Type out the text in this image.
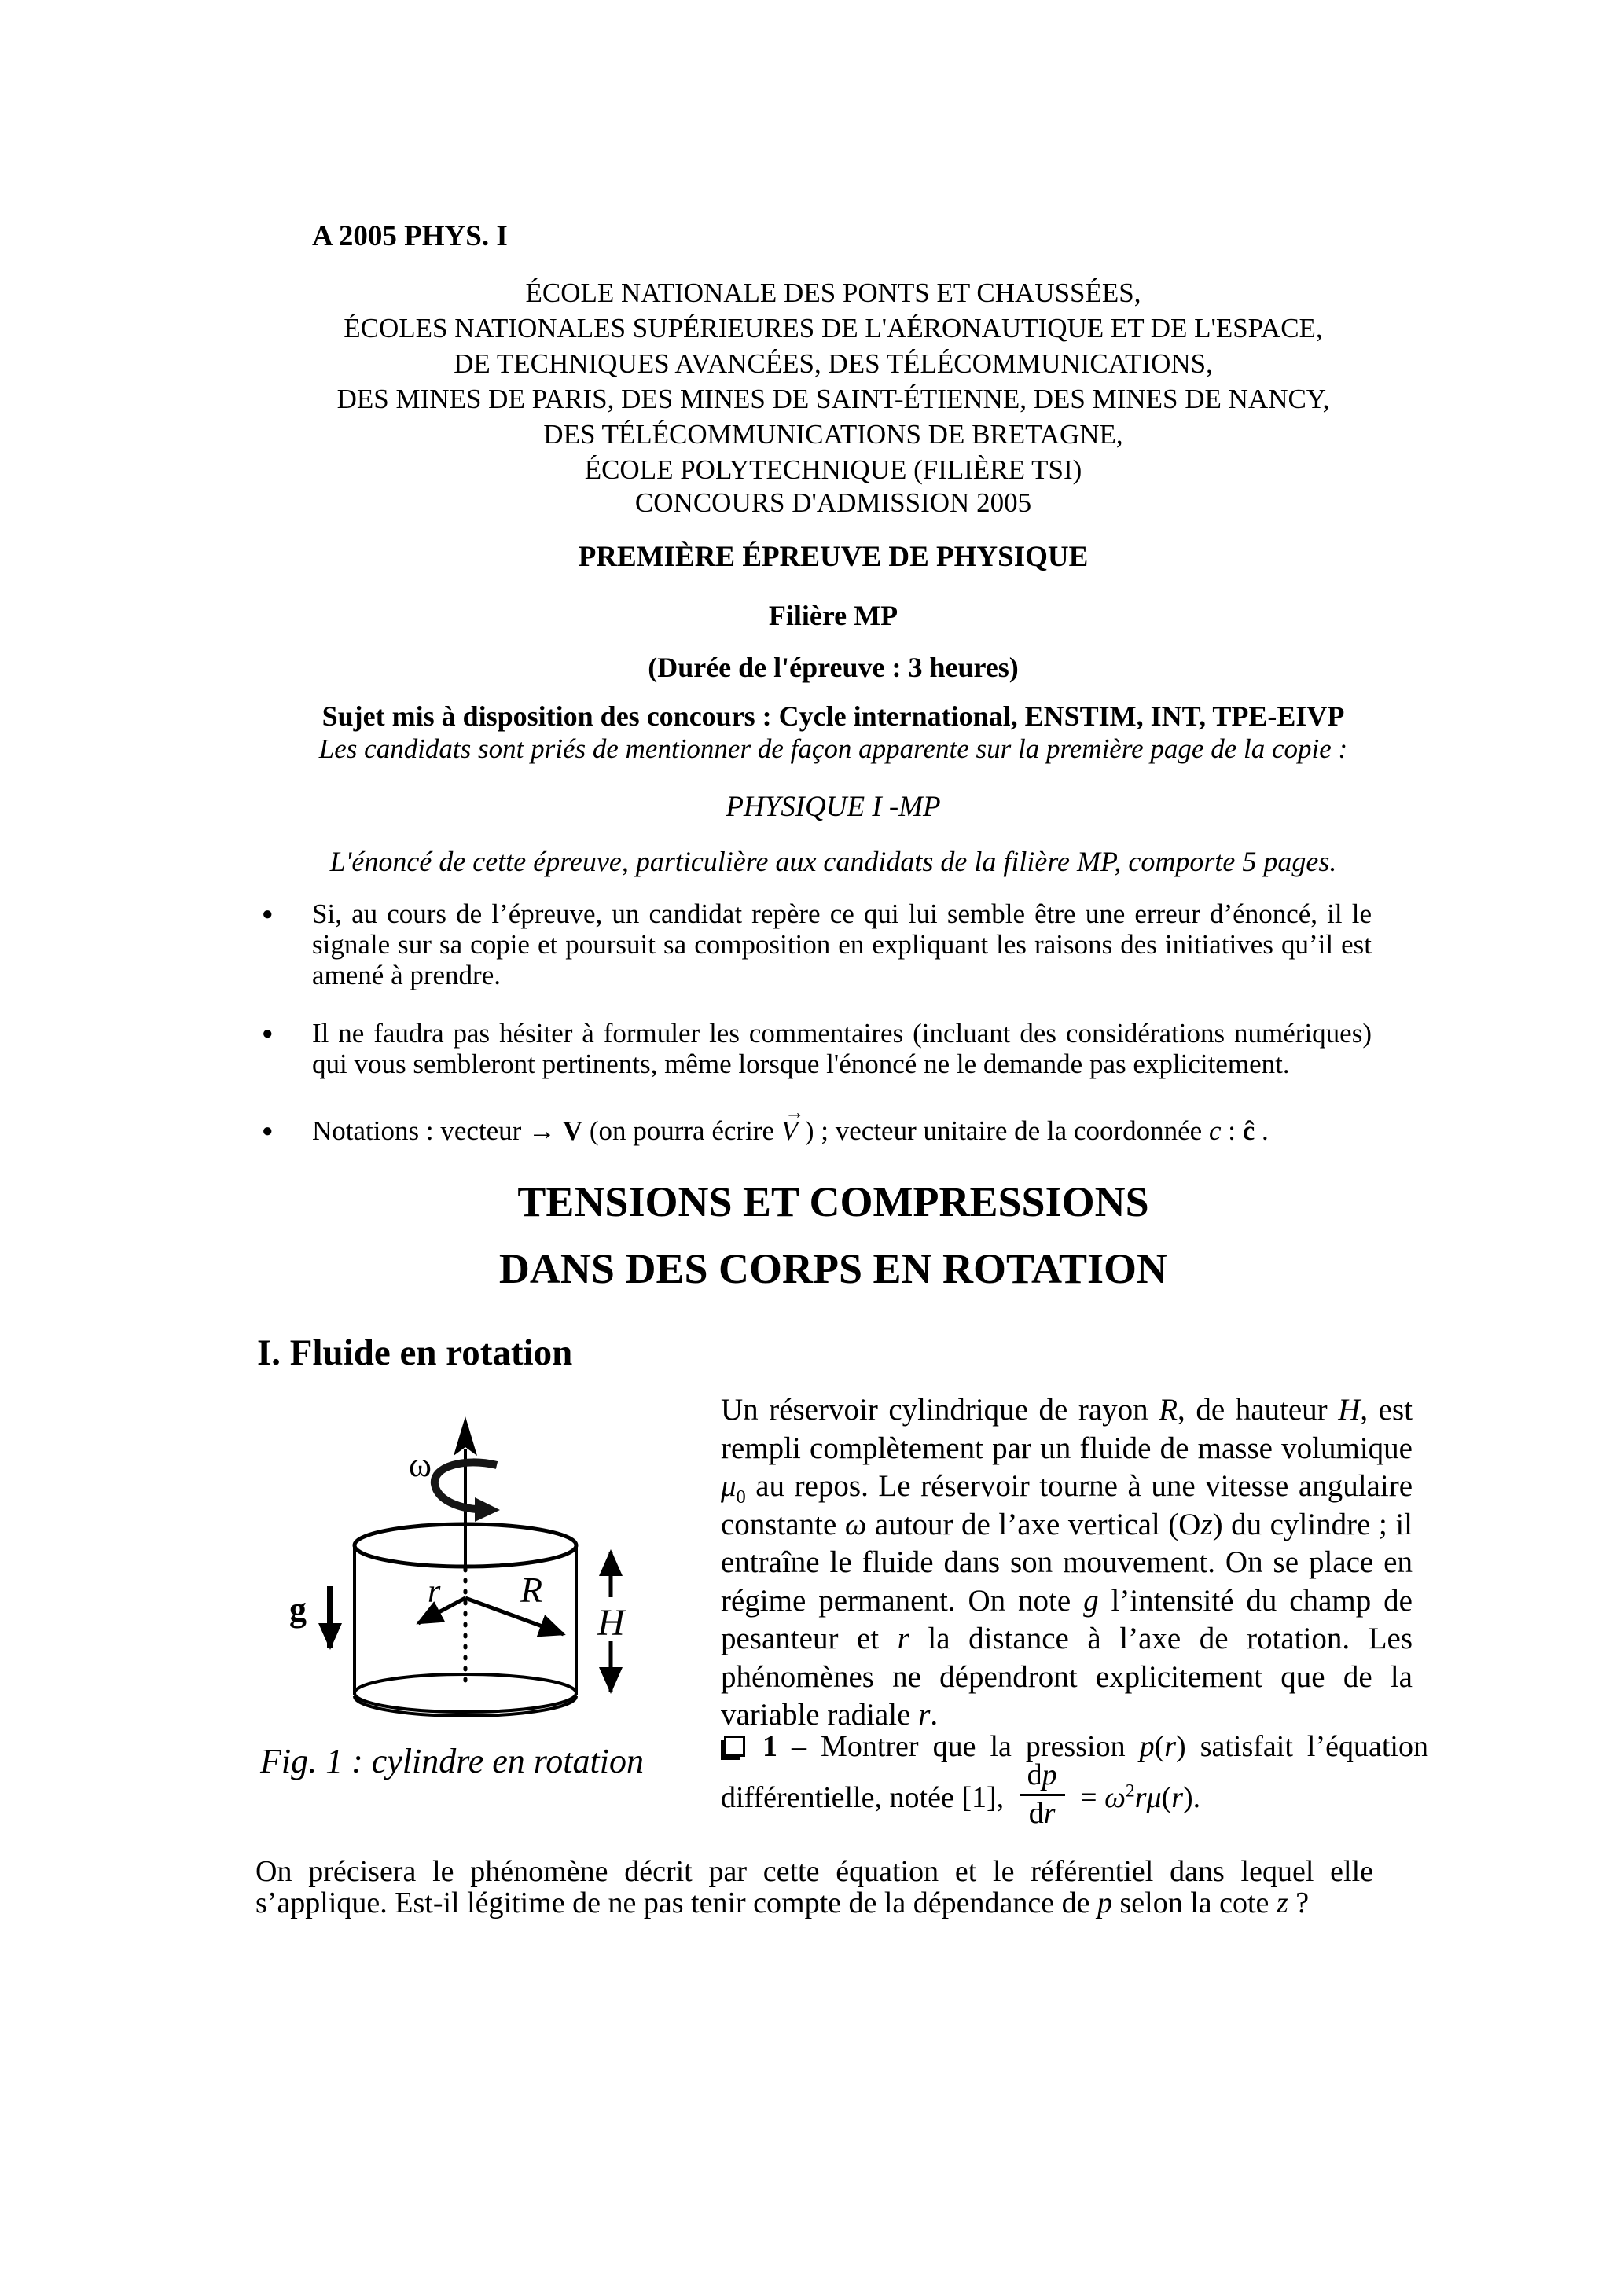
A 2005 PHYS. I
ÉCOLE NATIONALE DES PONTS ET CHAUSSÉES,
ÉCOLES NATIONALES SUPÉRIEURES DE L'AÉRONAUTIQUE ET DE L'ESPACE,
DE TECHNIQUES AVANCÉES, DES TÉLÉCOMMUNICATIONS,
DES MINES DE PARIS, DES MINES DE SAINT-ÉTIENNE, DES MINES DE NANCY,
DES TÉLÉCOMMUNICATIONS DE BRETAGNE,
ÉCOLE POLYTECHNIQUE (FILIÈRE TSI)
CONCOURS D'ADMISSION 2005
PREMIÈRE ÉPREUVE DE PHYSIQUE
Filière MP
(Durée de l'épreuve : 3 heures)
Sujet mis à disposition des concours : Cycle international, ENSTIM, INT, TPE-EIVP
Les candidats sont priés de mentionner de façon apparente sur la première page de la copie :
PHYSIQUE I -MP
L'énoncé de cette épreuve, particulière aux candidats de la filière MP, comporte 5 pages.
● Si, au cours de l’épreuve, un candidat repère ce qui lui semble être une erreur d’énoncé, il le signale sur sa copie et poursuit sa composition en expliquant les raisons des initiatives qu’il est amené à prendre.
● Il ne faudra pas hésiter à formuler les commentaires (incluant des considérations numériques) qui vous sembleront pertinents, même lorsque l'énoncé ne le demande pas explicitement.
● Notations : vecteur → V (on pourra écrire
→
V ) ; vecteur unitaire de la coordonnée c : ĉ .
TENSIONS ET COMPRESSIONS
DANS DES CORPS EN ROTATION
I. Fluide en rotation
ω
g	r R
H
Fig. 1 : cylindre en rotation
Un réservoir cylindrique de rayon R, de hauteur H, est rempli complètement par un fluide de masse volumique $\mu_0$ au repos. Le réservoir tourne à une vitesse angulaire constante ω autour de l’axe vertical (Oz) du cylindre ; il entraîne le fluide dans son mouvement. On se place en régime permanent. On note g l’intensité du champ de pesanteur et r la distance à l’axe de rotation. Les phénomènes ne dépendront explicitement que de la variable radiale r.
1 – Montrer que la pression p(r) satisfait l’équation différentielle, notée [1], $\frac{dp}{dr} = \omega^2r\mu(r)$.
On précisera le phénomène décrit par cette équation et le référentiel dans lequel elle s’applique. Est-il légitime de ne pas tenir compte de la dépendance de p selon la cote z ?
